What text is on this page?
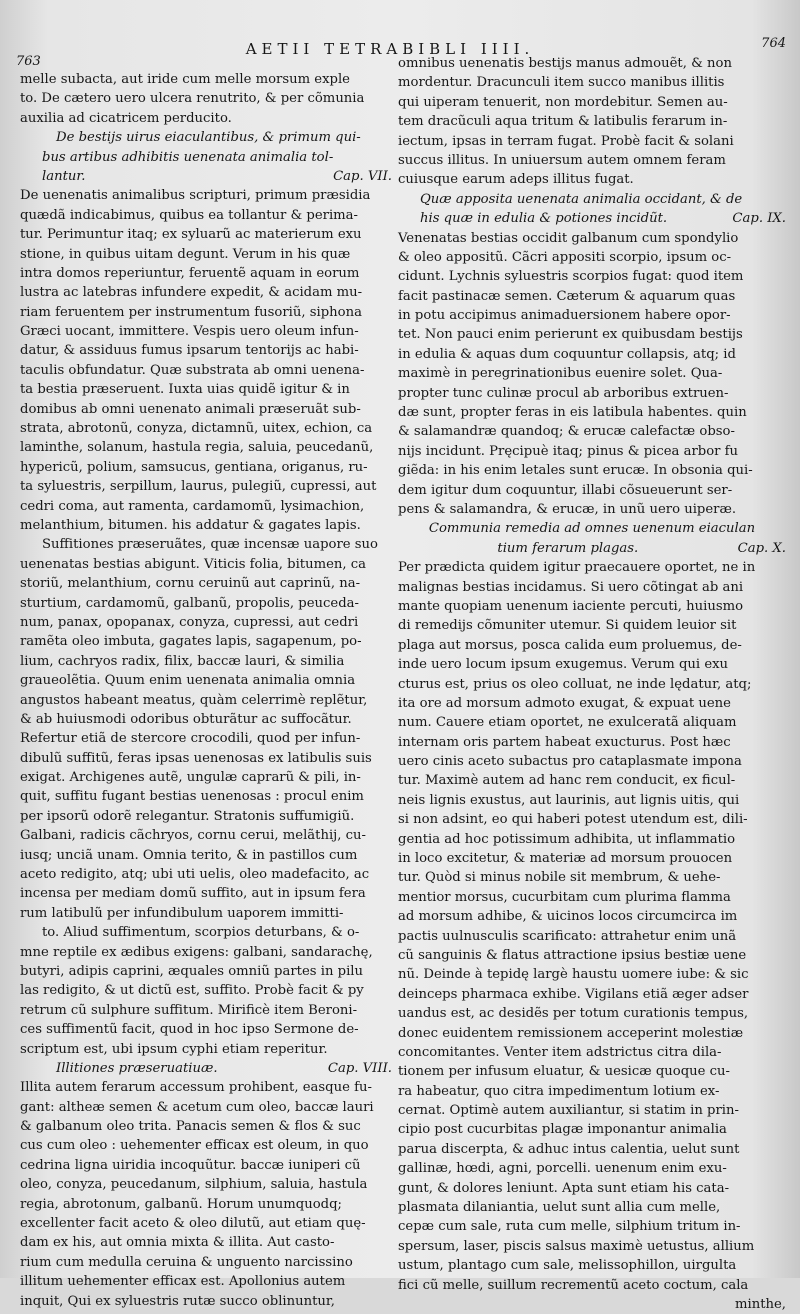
763
AETII TETRABIBLI IIII.	764
melle subacta, aut iride cum melle morsum exple
to. De cætero uero ulcera renutrito, & per cõmunia
auxilia ad cicatricem perducito.
De bestijs uirus eiaculantibus, & primum qui-
bus artibus adhibitis uenenata animalia tol-
lantur.	Cap. VII.
De uenenatis animalibus scripturi, primum præsidia
quædã indicabimus, quibus ea tollantur & perima-
tur. Perimuntur itaq; ex syluarũ ac materierum exu
stione, in quibus uitam degunt. Verum in his quæ
intra domos reperiuntur, feruentẽ aquam in eorum
lustra ac latebras infundere expedit, & acidam mu-
riam feruentem per instrumentum fusoriũ, siphona
Græci uocant, immittere. Vespis uero oleum infun-
datur, & assiduus fumus ipsarum tentorijs ac habi-
taculis obfundatur. Quæ substrata ab omni uenena-
ta bestia præseruent. Iuxta uias quidẽ igitur & in
domibus ab omni uenenato animali præseruãt sub-
strata, abrotonũ, conyza, dictamnũ, uitex, echion, ca
laminthe, solanum, hastula regia, saluia, peucedanũ,
hypericũ, polium, samsucus, gentiana, origanus, ru-
ta syluestris, serpillum, laurus, pulegiũ, cupressi, aut
cedri coma, aut ramenta, cardamomũ, lysimachion,
melanthium, bitumen. his addatur & gagates lapis.
Suffitiones præseruãtes, quæ incensæ uapore suo
uenenatas bestias abigunt. Viticis folia, bitumen, ca
storiũ, melanthium, cornu ceruinũ aut caprinũ, na-
sturtium, cardamomũ, galbanũ, propolis, peuceda-
num, panax, opopanax, conyza, cupressi, aut cedri
ramẽta oleo imbuta, gagates lapis, sagapenum, po-
lium, cachryos radix, filix, baccæ lauri, & similia
graueolẽtia. Quum enim uenenata animalia omnia
angustos habeant meatus, quàm celerrimè replẽtur,
& ab huiusmodi odoribus obturãtur ac suffocãtur.
Refertur etiã de stercore crocodili, quod per infun-
dibulũ suffitũ, feras ipsas uenenosas ex latibulis suis
exigat. Archigenes autẽ, ungulæ caprarũ & pili, in-
quit, suffitu fugant bestias uenenosas : procul enim
per ipsorũ odorẽ relegantur. Stratonis suffumigiũ.
Galbani, radicis cãchryos, cornu cerui, melãthij, cu-
iusq; unciã unam. Omnia terito, & in pastillos cum
aceto redigito, atq; ubi uti uelis, oleo madefacito, ac
incensa per mediam domũ suffito, aut in ipsum fera
rum latibulũ per infundibulum uaporem immitti-
to. Aliud suffimentum, scorpios deturbans, & o-
mne reptile ex ædibus exigens: galbani, sandarachę,
butyri, adipis caprini, æquales omniũ partes in pilu
las redigito, & ut dictũ est, suffito. Probè facit & py
retrum cũ sulphure suffitum. Mirificè item Beroni-
ces suffimentũ facit, quod in hoc ipso Sermone de-
scriptum est, ubi ipsum cyphi etiam reperitur.
Illitiones præseruatiuæ.	Cap. VIII.
Illita autem ferarum accessum prohibent, easque fu-
gant: altheæ semen & acetum cum oleo, baccæ lauri
& galbanum oleo trita. Panacis semen & flos & suc
cus cum oleo : uehementer efficax est oleum, in quo
cedrina ligna uiridia incoquũtur. baccæ iuniperi cũ
oleo, conyza, peucedanum, silphium, saluia, hastula
regia, abrotonum, galbanũ. Horum unumquodq;
excellenter facit aceto & oleo dilutũ, aut etiam quę-
dam ex his, aut omnia mixta & illita. Aut casto-
rium cum medulla ceruina & unguento narcissino
illitum uehementer efficax est. Apollonius autem
inquit, Qui ex syluestris rutæ succo oblinuntur,
omnibus uenenatis bestijs manus admouẽt, & non
mordentur. Dracunculi item succo manibus illitis
qui uiperam tenuerit, non mordebitur. Semen au-
tem dracũculi aqua tritum & latibulis ferarum in-
iectum, ipsas in terram fugat. Probè facit & solani
succus illitus. In uniuersum autem omnem feram
cuiusque earum adeps illitus fugat.
Quæ apposita uenenata animalia occidant, & de
his quæ in edulia & potiones incidũt.	Cap. IX.
Venenatas bestias occidit galbanum cum spondylio
& oleo appositũ. Cãcri appositi scorpio, ipsum oc-
cidunt. Lychnis syluestris scorpios fugat: quod item
facit pastinacæ semen. Cæterum & aquarum quas
in potu accipimus animaduersionem habere opor-
tet. Non pauci enim perierunt ex quibusdam bestijs
in edulia & aquas dum coquuntur collapsis, atq; id
maximè in peregrinationibus euenire solet. Qua-
propter tunc culinæ procul ab arboribus extruen-
dæ sunt, propter feras in eis latibula habentes. quin
& salamandræ quandoq; & erucæ calefactæ obso-
nijs incidunt. Pręcipuè itaq; pinus & picea arbor fu
giẽda: in his enim letales sunt erucæ. In obsonia qui-
dem igitur dum coquuntur, illabi cõsueuerunt ser-
pens & salamandra, & erucæ, in unũ uero uiperæ.
Communia remedia ad omnes uenenum eiaculan
tium ferarum plagas.	Cap. X.
Per prædicta quidem igitur praecauere oportet, ne in
malignas bestias incidamus. Si uero cõtingat ab ani
mante quopiam uenenum iaciente percuti, huiusmo
di remedijs cõmuniter utemur. Si quidem leuior sit
plaga aut morsus, posca calida eum proluemus, de-
inde uero locum ipsum exugemus. Verum qui exu
cturus est, prius os oleo colluat, ne inde lędatur, atq;
ita ore ad morsum admoto exugat, & expuat uene
num. Cauere etiam oportet, ne exulceratã aliquam
internam oris partem habeat exucturus. Post hæc
uero cinis aceto subactus pro cataplasmate impona
tur. Maximè autem ad hanc rem conducit, ex ficul-
neis lignis exustus, aut laurinis, aut lignis uitis, qui
si non adsint, eo qui haberi potest utendum est, dili-
gentia ad hoc potissimum adhibita, ut inflammatio
in loco excitetur, & materiæ ad morsum prouocen
tur. Quòd si minus nobile sit membrum, & uehe-
mentior morsus, cucurbitam cum plurima flamma
ad morsum adhibe, & uicinos locos circumcirca im
pactis uulnusculis scarificato: attrahetur enim unã
cũ sanguinis & flatus attractione ipsius bestiæ uene
nũ. Deinde à tepidę largè haustu uomere iube: & sic
deinceps pharmaca exhibe. Vigilans etiã æger adser
uandus est, ac desidẽs per totum curationis tempus,
donec euidentem remissionem acceperint molestiæ
concomitantes. Venter item adstrictus citra dila-
tionem per infusum eluatur, & uesicæ quoque cu-
ra habeatur, quo citra impedimentum lotium ex-
cernat. Optimè autem auxiliantur, si statim in prin-
cipio post cucurbitas plagæ imponantur animalia
parua discerpta, & adhuc intus calentia, uelut sunt
gallinæ, hœdi, agni, porcelli. uenenum enim exu-
gunt, & dolores leniunt. Apta sunt etiam his cata-
plasmata dilaniantia, uelut sunt allia cum melle,
cepæ cum sale, ruta cum melle, silphium tritum in-
spersum, laser, piscis salsus maximè uetustus, allium
ustum, plantago cum sale, melissophillon, uirgulta
fici cũ melle, suillum recrementũ aceto coctum, cala
minthe,
